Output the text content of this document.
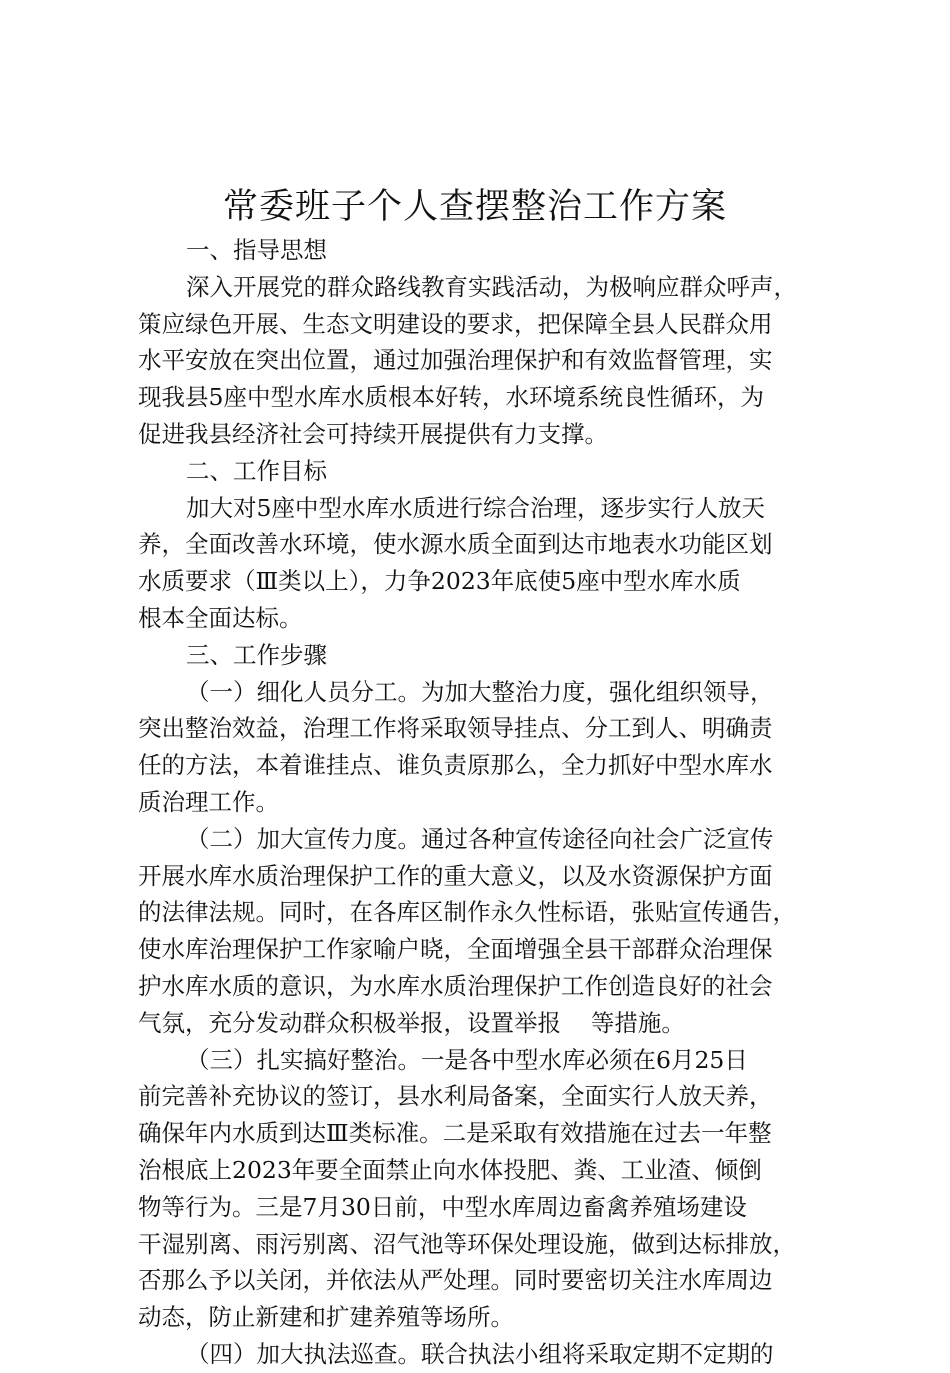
常委班子个人查摆整治工作方案
一、指导思想
深入开展党的群众路线教育实践活动，为极响应群众呼声，
策应绿色开展、生态文明建设的要求，把保障全县人民群众用
水平安放在突出位置，通过加强治理保护和有效监督管理，实
现我县5座中型水库水质根本好转，水环境系统良性循环，为
促进我县经济社会可持续开展提供有力支撑。
二、工作目标
加大对5座中型水库水质进行综合治理，逐步实行人放天
养，全面改善水环境，使水源水质全面到达市地表水功能区划
水质要求（Ⅲ类以上），力争2023年底使5座中型水库水质
根本全面达标。
三、工作步骤
（一）细化人员分工。为加大整治力度，强化组织领导，
突出整治效益，治理工作将采取领导挂点、分工到人、明确责
任的方法，本着谁挂点、谁负责原那么，全力抓好中型水库水
质治理工作。
（二）加大宣传力度。通过各种宣传途径向社会广泛宣传
开展水库水质治理保护工作的重大意义，以及水资源保护方面
的法律法规。同时，在各库区制作永久性标语，张贴宣传通告，
使水库治理保护工作家喻户晓，全面增强全县干部群众治理保
护水库水质的意识，为水库水质治理保护工作创造良好的社会
气氛，充分发动群众积极举报，设置举报    等措施。
（三）扎实搞好整治。一是各中型水库必须在6月25日
前完善补充协议的签订，县水利局备案，全面实行人放天养，
确保年内水质到达Ⅲ类标准。二是采取有效措施在过去一年整
治根底上2023年要全面禁止向水体投肥、粪、工业渣、倾倒
物等行为。三是7月30日前，中型水库周边畜禽养殖场建设
干湿别离、雨污别离、沼气池等环保处理设施，做到达标排放，
否那么予以关闭，并依法从严处理。同时要密切关注水库周边
动态，防止新建和扩建养殖等场所。
（四）加大执法巡查。联合执法小组将采取定期不定期的
